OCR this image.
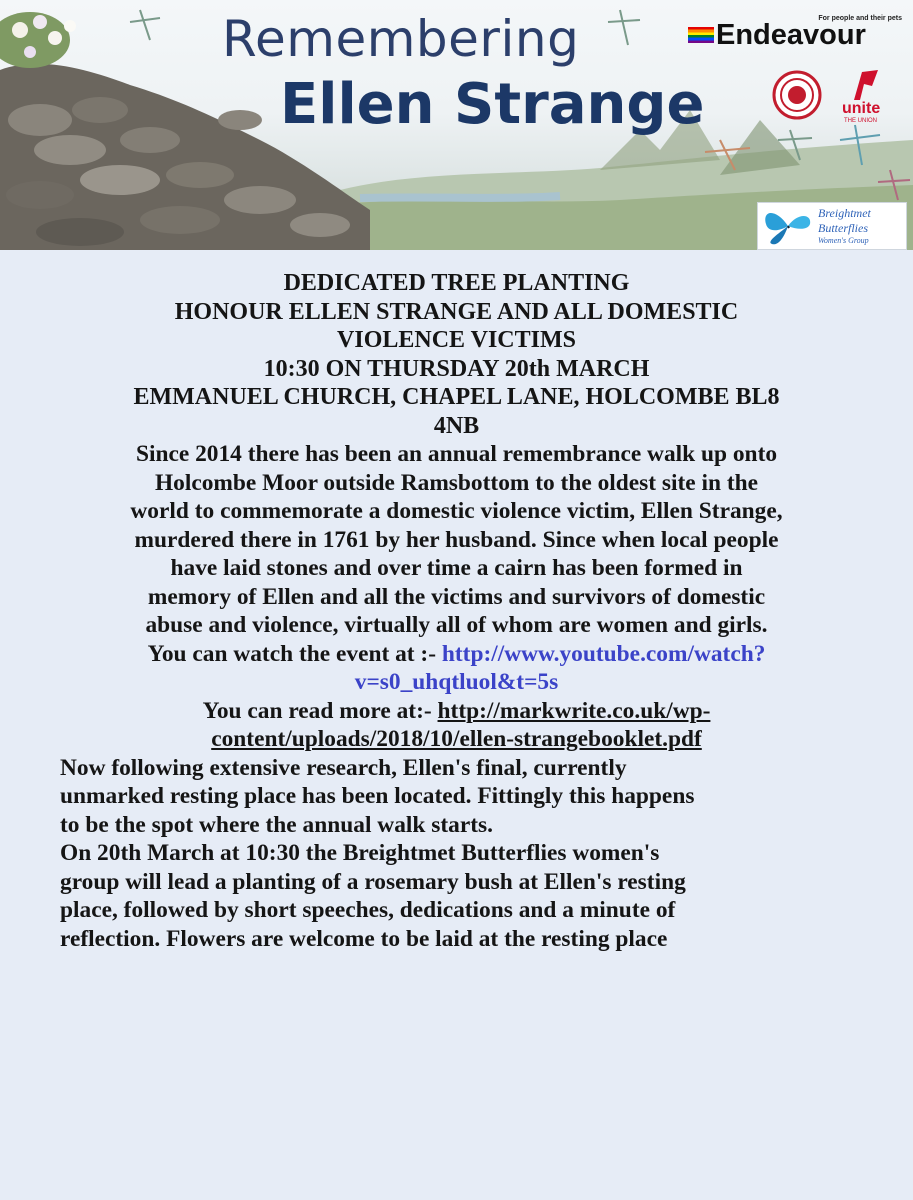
Remembering
Ellen Strange
For people and their pets
Endeavour
unite
THE UNION
Breightmet
Butterflies
Women's Group
DEDICATED TREE PLANTING
HONOUR ELLEN STRANGE AND ALL DOMESTIC
VIOLENCE VICTIMS
10:30 ON THURSDAY 20th MARCH
EMMANUEL CHURCH, CHAPEL LANE, HOLCOMBE BL8
4NB
Since 2014 there has been an annual remembrance walk up onto
Holcombe Moor outside Ramsbottom to the oldest site in the
world to commemorate a domestic violence victim, Ellen Strange,
murdered there in 1761 by her husband. Since when local people
have laid stones and over time a cairn has been formed in
memory of Ellen and all the victims and survivors of domestic
abuse and violence, virtually all of whom are women and girls.
You can watch the event at :- http://www.youtube.com/watch?
v=s0_uhqtluol&t=5s
You can read more at:- http://markwrite.co.uk/wp-
content/uploads/2018/10/ellen-strangebooklet.pdf
Now following extensive research, Ellen's final, currently
unmarked resting place has been located. Fittingly this happens
to be the spot where the annual walk starts.
On 20th March at 10:30 the Breightmet Butterflies women's
group will lead a planting of a rosemary bush at Ellen's resting
place, followed by short speeches, dedications and a minute of
reflection. Flowers are welcome to be laid at the resting place
